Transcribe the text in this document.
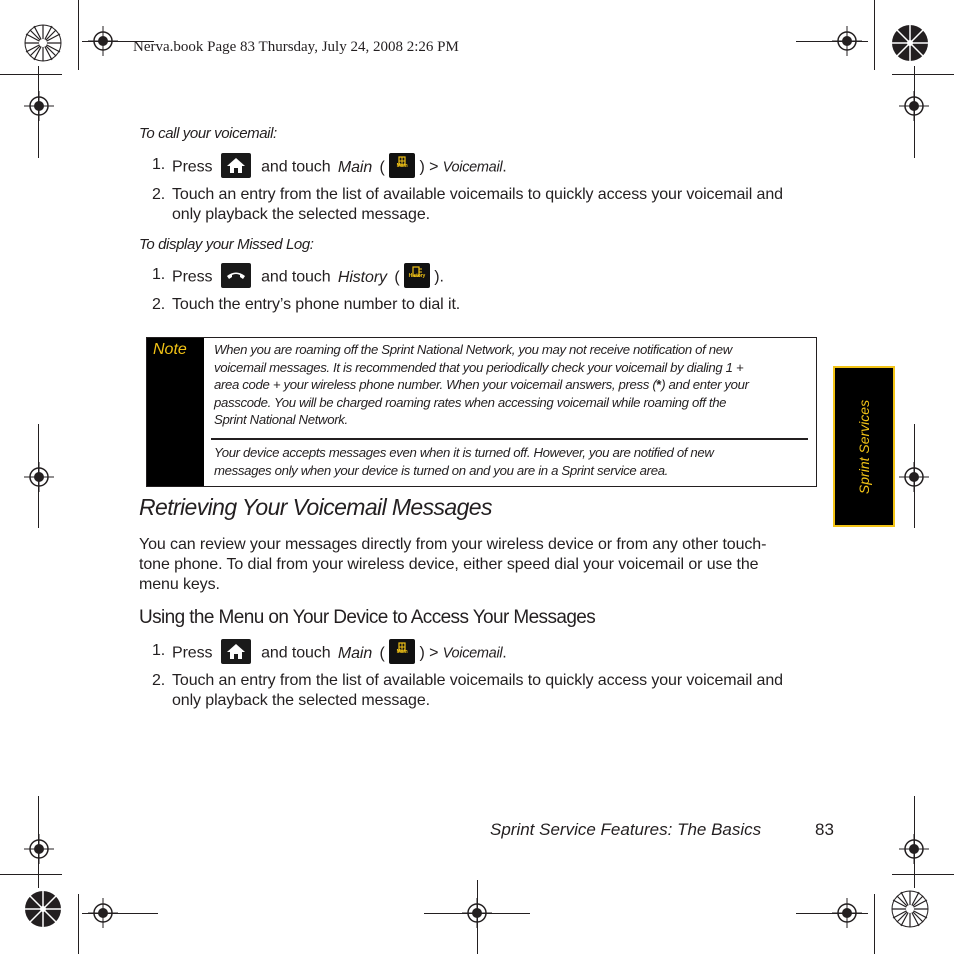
Nerva.book Page 83 Thursday, July 24, 2008 2:26 PM
To call your voicemail:
1. Press	and touch Main (	Main ) > Voicemail.
2. Touch an entry from the list of available voicemails to quickly access your voicemail and
only playback the selected message.
To display your Missed Log:
1. Press	and touch History (	History ).
2. Touch the entry’s phone number to dial it.
Note When you are roaming off the Sprint National Network, you may not receive notification of new
voicemail messages. It is recommended that you periodically check your voicemail by dialing 1 +
area code + your wireless phone number. When your voicemail answers, press (*) and enter your
passcode. You will be charged roaming rates when accessing voicemail while roaming off the
Sprint National Network.
Your device accepts messages even when it is turned off. However, you are notified of new
messages only when your device is turned on and you are in a Sprint service area.
Retrieving Your Voicemail Messages
You can review your messages directly from your wireless device or from any other touch-
tone phone. To dial from your wireless device, either speed dial your voicemail or use the
menu keys.
Using the Menu on Your Device to Access Your Messages
1. Press	and touch Main (	Main ) > Voicemail.
2. Touch an entry from the list of available voicemails to quickly access your voicemail and
only playback the selected message.
Sprint Services
Sprint Service Features: The Basics	83
